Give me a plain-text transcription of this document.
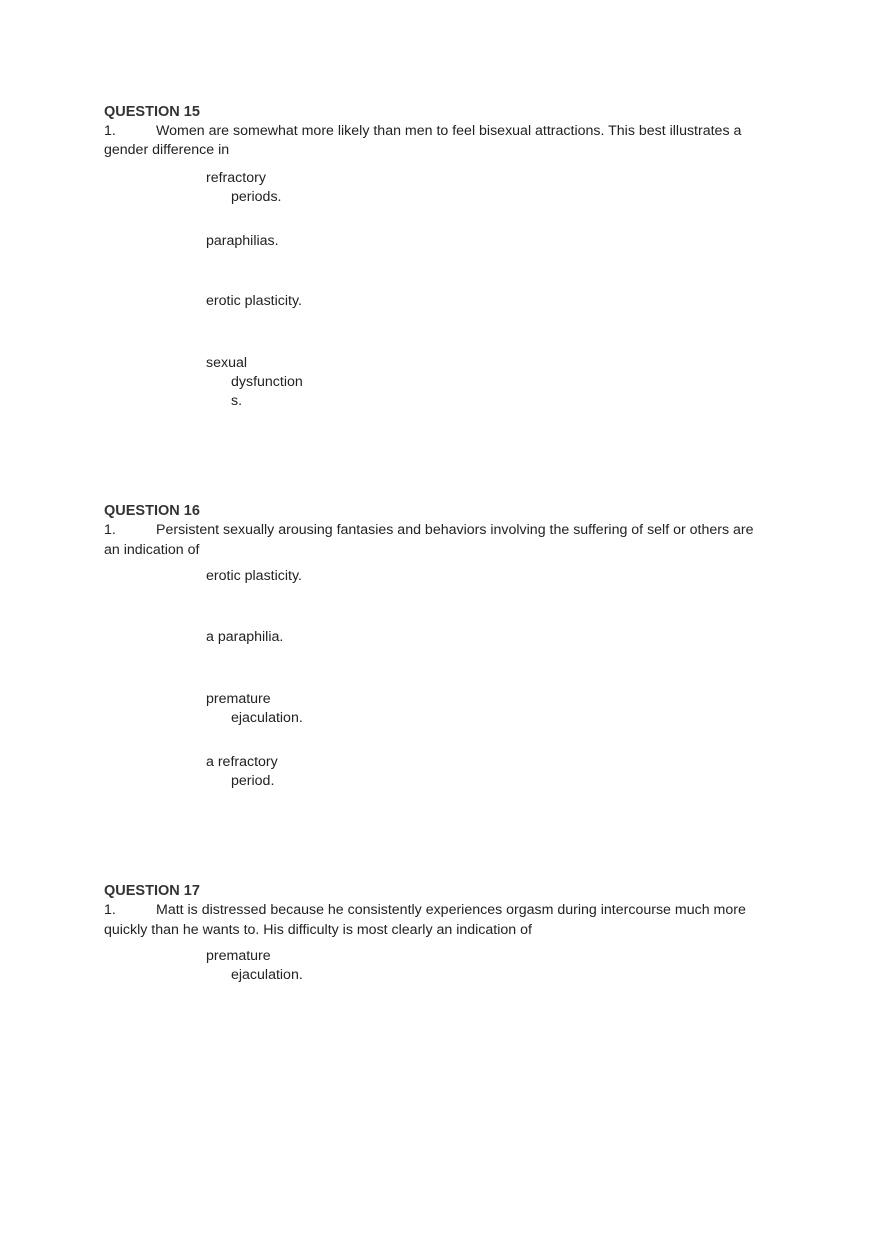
QUESTION 15
1.	Women are somewhat more likely than men to feel bisexual attractions. This best illustrates a
gender difference in
refractory
periods.
paraphilias.
erotic plasticity.
sexual
dysfunction
s.
QUESTION 16
1.	Persistent sexually arousing fantasies and behaviors involving the suffering of self or others are
an indication of
erotic plasticity.
a paraphilia.
premature
ejaculation.
a refractory
period.
QUESTION 17
1.	Matt is distressed because he consistently experiences orgasm during intercourse much more
quickly than he wants to. His difficulty is most clearly an indication of
premature
ejaculation.
